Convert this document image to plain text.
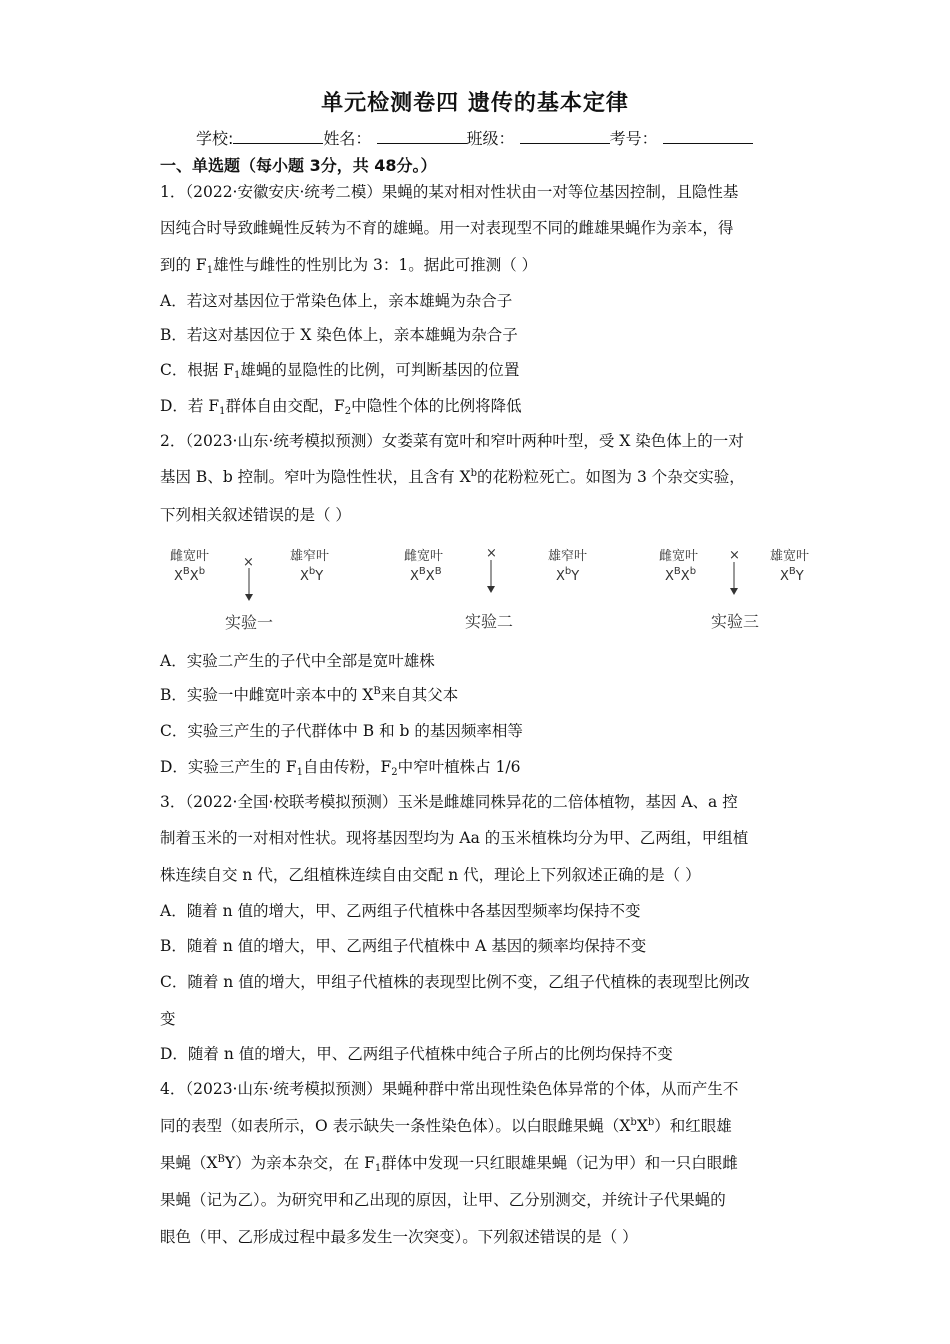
单元检测卷四 遗传的基本定律
学校:	姓名：	班级：	考号：
一、单选题（每小题 3分，共 48分。）
1．（2022·安徽安庆·统考二模）果蝇的某对相对性状由一对等位基因控制，且隐性基
因纯合时导致雌蝇性反转为不育的雄蝇。用一对表现型不同的雌雄果蝇作为亲本，得
到的 $F_1$雄性与雌性的性别比为 3：1。据此可推测（ ）
A．若这对基因位于常染色体上，亲本雄蝇为杂合子
B．若这对基因位于 X 染色体上，亲本雄蝇为杂合子
C．根据 $F_1$雄蝇的显隐性的比例，可判断基因的位置
D．若 $F_1$群体自由交配，$F_2$中隐性个体的比例将降低
2．（2023·山东·统考模拟预测）女娄菜有宽叶和窄叶两种叶型，受 X 染色体上的一对
基因 B、b 控制。窄叶为隐性性状，且含有 $X^b$的花粉粒死亡。如图为 3 个杂交实验，
下列相关叙述错误的是（ ）
雌宽叶
$X^BX^b$
×	雄窄叶
$X^bY$
实验一
雌宽叶
$X^BX^B$
×	雄窄叶
$X^bY$
实验二
雌宽叶
$X^BX^b$
× 雄宽叶
$X^BY$
实验三
A．实验二产生的子代中全部是宽叶雄株
B．实验一中雌宽叶亲本中的 $X^B$来自其父本
C．实验三产生的子代群体中 B 和 b 的基因频率相等
D．实验三产生的 $F_1$自由传粉，$F_2$中窄叶植株占 1/6
3．（2022·全国·校联考模拟预测）玉米是雌雄同株异花的二倍体植物，基因 A、a 控
制着玉米的一对相对性状。现将基因型均为 Aa 的玉米植株均分为甲、乙两组，甲组植
株连续自交 n 代，乙组植株连续自由交配 n 代，理论上下列叙述正确的是（ ）
A．随着 n 值的增大，甲、乙两组子代植株中各基因型频率均保持不变
B．随着 n 值的增大，甲、乙两组子代植株中 A 基因的频率均保持不变
C．随着 n 值的增大，甲组子代植株的表现型比例不变，乙组子代植株的表现型比例改
变
D．随着 n 值的增大，甲、乙两组子代植株中纯合子所占的比例均保持不变
4．（2023·山东·统考模拟预测）果蝇种群中常出现性染色体异常的个体，从而产生不
同的表型（如表所示，O 表示缺失一条性染色体）。以白眼雌果蝇$(X^bX^b)$和红眼雄
果蝇$(X^BY)$为亲本杂交，在 $F_1$群体中发现一只红眼雄果蝇（记为甲）和一只白眼雌
果蝇（记为乙）。为研究甲和乙出现的原因，让甲、乙分别测交，并统计子代果蝇的
眼色（甲、乙形成过程中最多发生一次突变）。下列叙述错误的是（ ）
